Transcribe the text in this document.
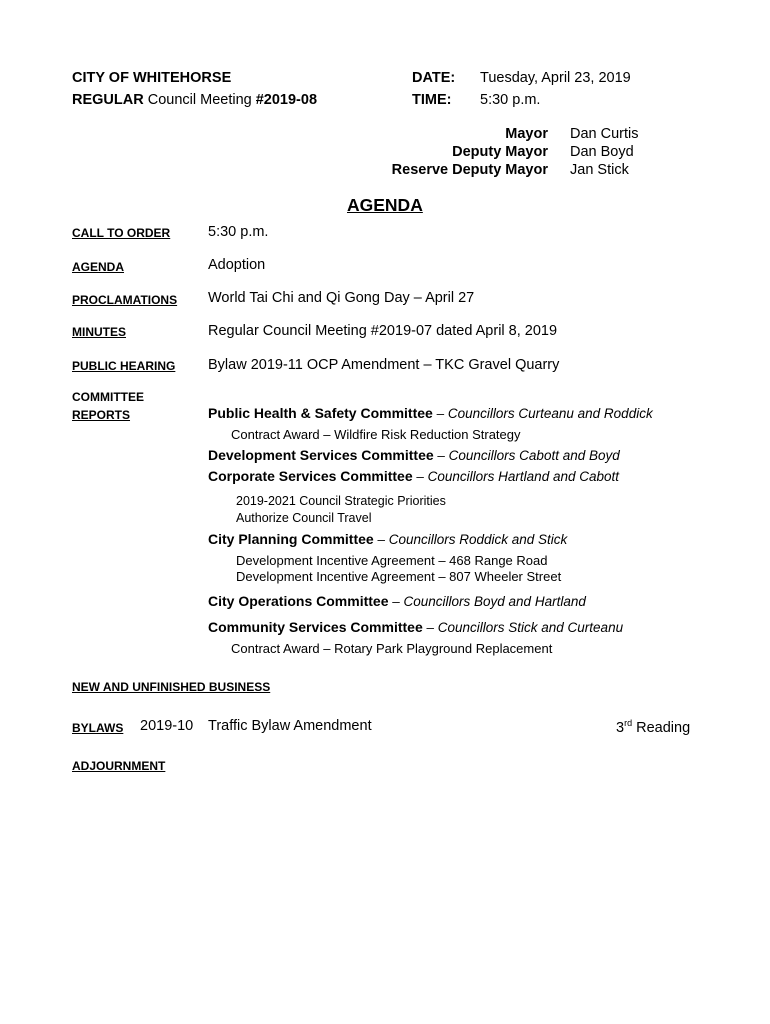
CITY OF WHITEHORSE
REGULAR Council Meeting #2019-08
DATE: Tuesday, April 23, 2019
TIME: 5:30 p.m.
Mayor Dan Curtis
Deputy Mayor Dan Boyd
Reserve Deputy Mayor Jan Stick
AGENDA
CALL TO ORDER	5:30 p.m.
AGENDA	Adoption
PROCLAMATIONS World Tai Chi and Qi Gong Day – April 27
MINUTES	Regular Council Meeting #2019-07 dated April 8, 2019
PUBLIC HEARING Bylaw 2019-11 OCP Amendment – TKC Gravel Quarry
COMMITTEE
REPORTS	Public Health & Safety Committee – Councillors Curteanu and Roddick
Contract Award – Wildfire Risk Reduction Strategy
Development Services Committee – Councillors Cabott and Boyd
Corporate Services Committee – Councillors Hartland and Cabott
2019-2021 Council Strategic Priorities
Authorize Council Travel
City Planning Committee – Councillors Roddick and Stick
Development Incentive Agreement – 468 Range Road
Development Incentive Agreement – 807 Wheeler Street
City Operations Committee – Councillors Boyd and Hartland
Community Services Committee – Councillors Stick and Curteanu
Contract Award – Rotary Park Playground Replacement
NEW AND UNFINISHED BUSINESS
BYLAWS 2019-10 Traffic Bylaw Amendment	3rd Reading
ADJOURNMENT
